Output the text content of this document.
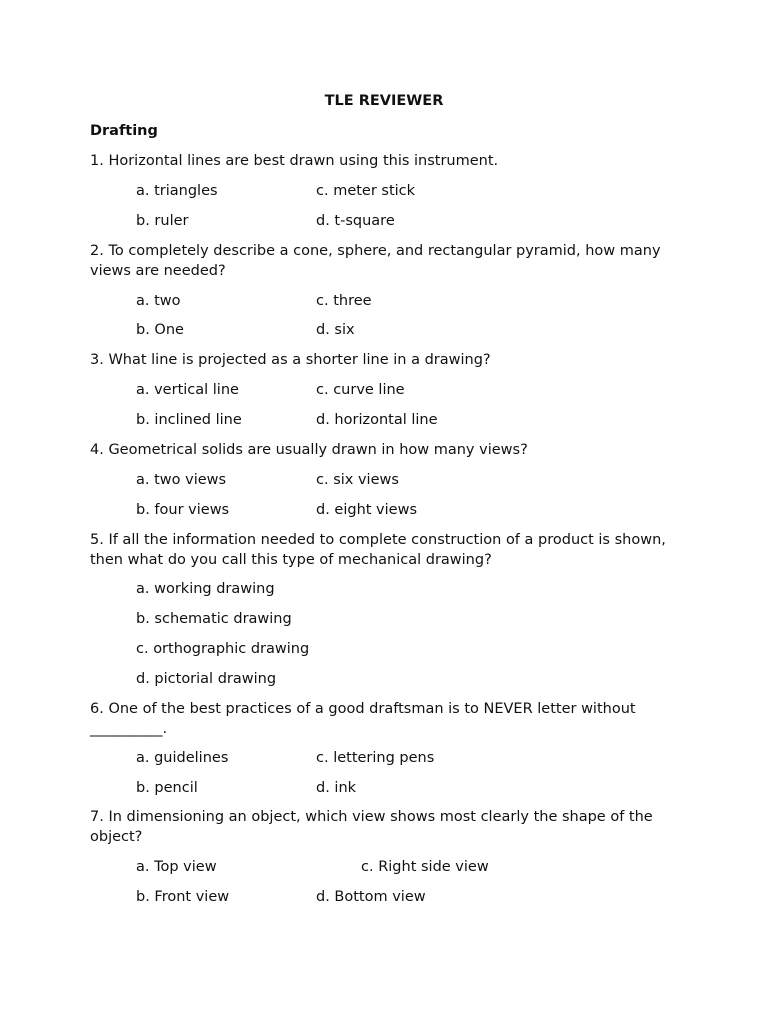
TLE REVIEWER
Drafting
1. Horizontal lines are best drawn using this instrument.
a. triangles	c. meter stick
b. ruler	d. t-square
2. To completely describe a cone, sphere, and rectangular pyramid, how many views are needed?
a. two	c. three
b. One	d. six
3. What line is projected as a shorter line in a drawing?
a. vertical line	c. curve line
b. inclined line	d. horizontal line
4. Geometrical solids are usually drawn in how many views?
a. two views	c. six views
b. four views	d. eight views
5. If all the information needed to complete construction of a product is shown, then what do you call this type of mechanical drawing?
a. working drawing
b. schematic drawing
c. orthographic drawing
d. pictorial drawing
6. One of the best practices of a good draftsman is to NEVER letter without __________.
a. guidelines	c. lettering pens
b. pencil	d. ink
7. In dimensioning an object, which view shows most clearly the shape of the object?
a. Top view	c. Right side view
b. Front view	d. Bottom view
